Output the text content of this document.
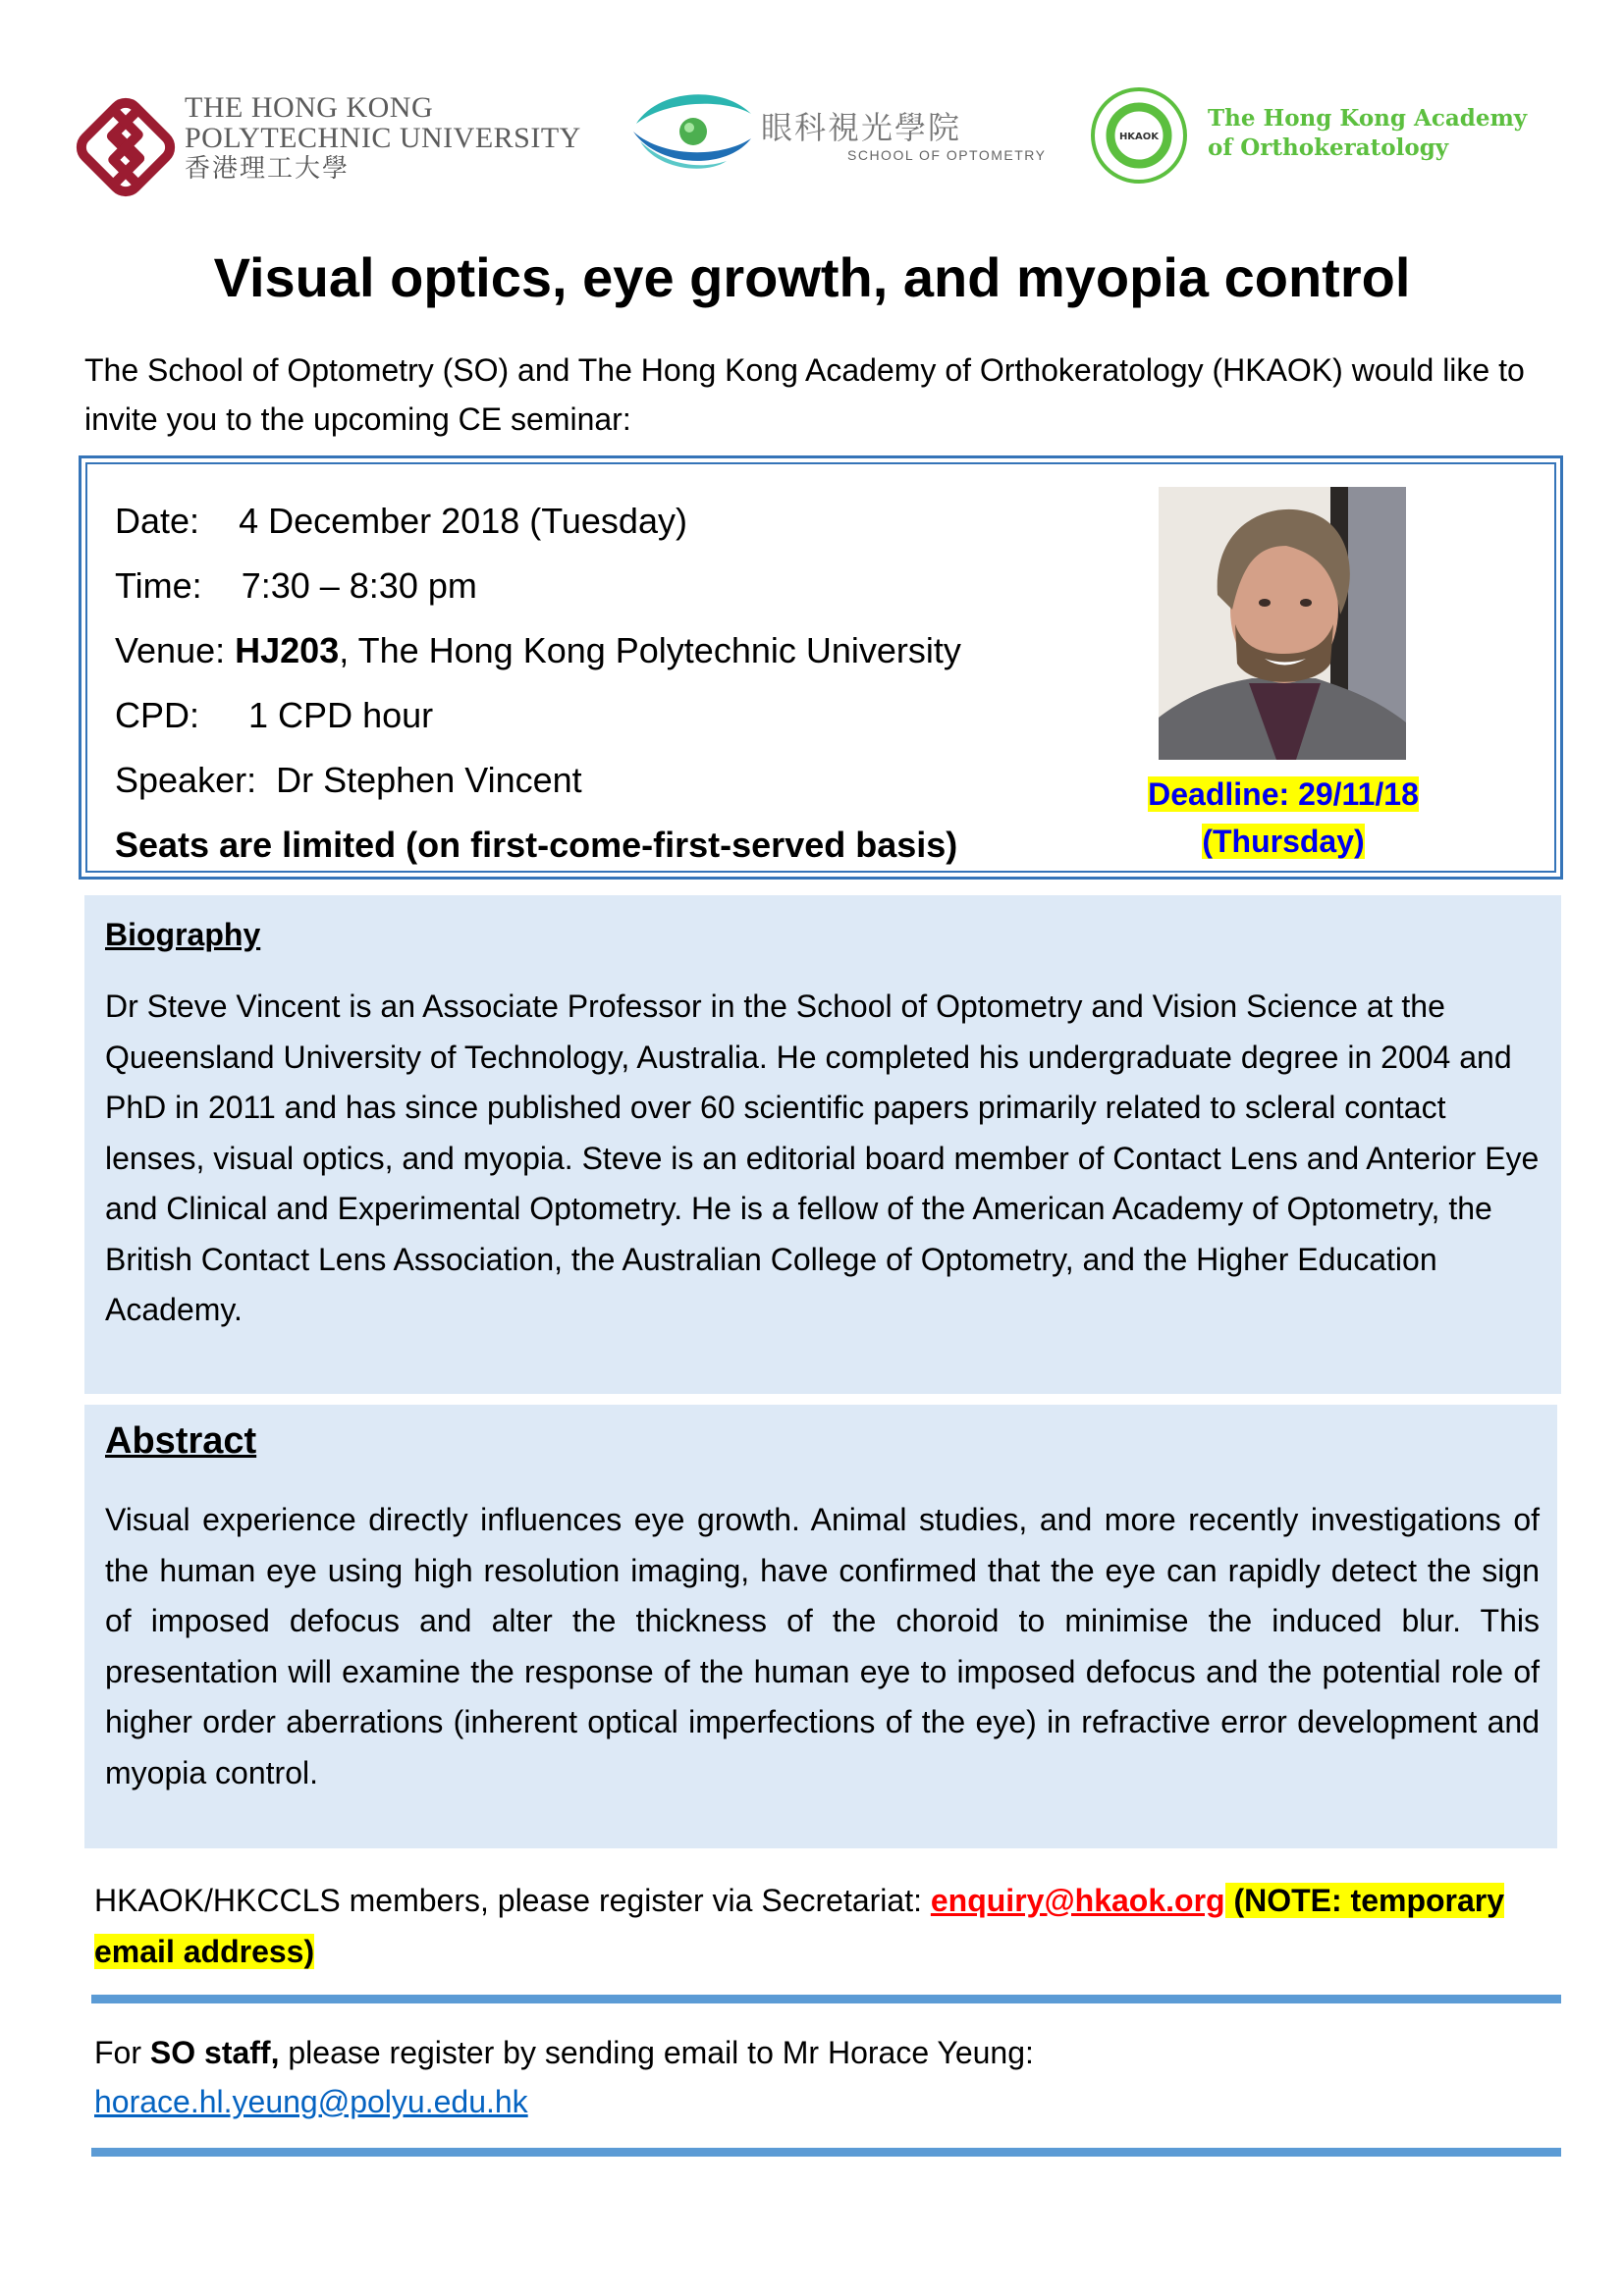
THE HONG KONG
POLYTECHNIC UNIVERSITY
香港理工大學
眼科視光學院
SCHOOL OF OPTOMETRY
HKAOK
The Hong Kong Academy
of Orthokeratology
Visual optics, eye growth, and myopia control
The School of Optometry (SO) and The Hong Kong Academy of Orthokeratology (HKAOK) would like to invite you to the upcoming CE seminar:
Date: 4 December 2018 (Tuesday)
Time: 7:30 – 8:30 pm
Venue: HJ203, The Hong Kong Polytechnic University
CPD: 1 CPD hour
Speaker: Dr Stephen Vincent
Seats are limited (on first-come-first-served basis)
Deadline: 29/11/18
(Thursday)
Biography
Dr Steve Vincent is an Associate Professor in the School of Optometry and Vision Science at the Queensland University of Technology, Australia. He completed his undergraduate degree in 2004 and PhD in 2011 and has since published over 60 scientific papers primarily related to scleral contact lenses, visual optics, and myopia. Steve is an editorial board member of Contact Lens and Anterior Eye and Clinical and Experimental Optometry. He is a fellow of the American Academy of Optometry, the British Contact Lens Association, the Australian College of Optometry, and the Higher Education Academy.
Abstract
Visual experience directly influences eye growth. Animal studies, and more recently investigations of the human eye using high resolution imaging, have confirmed that the eye can rapidly detect the sign of imposed defocus and alter the thickness of the choroid to minimise the induced blur. This presentation will examine the response of the human eye to imposed defocus and the potential role of higher order aberrations (inherent optical imperfections of the eye) in refractive error development and myopia control.
HKAOK/HKCCLS members, please register via Secretariat: enquiry@hkaok.org (NOTE: temporary email address)
For SO staff, please register by sending email to Mr Horace Yeung:
horace.hl.yeung@polyu.edu.hk
